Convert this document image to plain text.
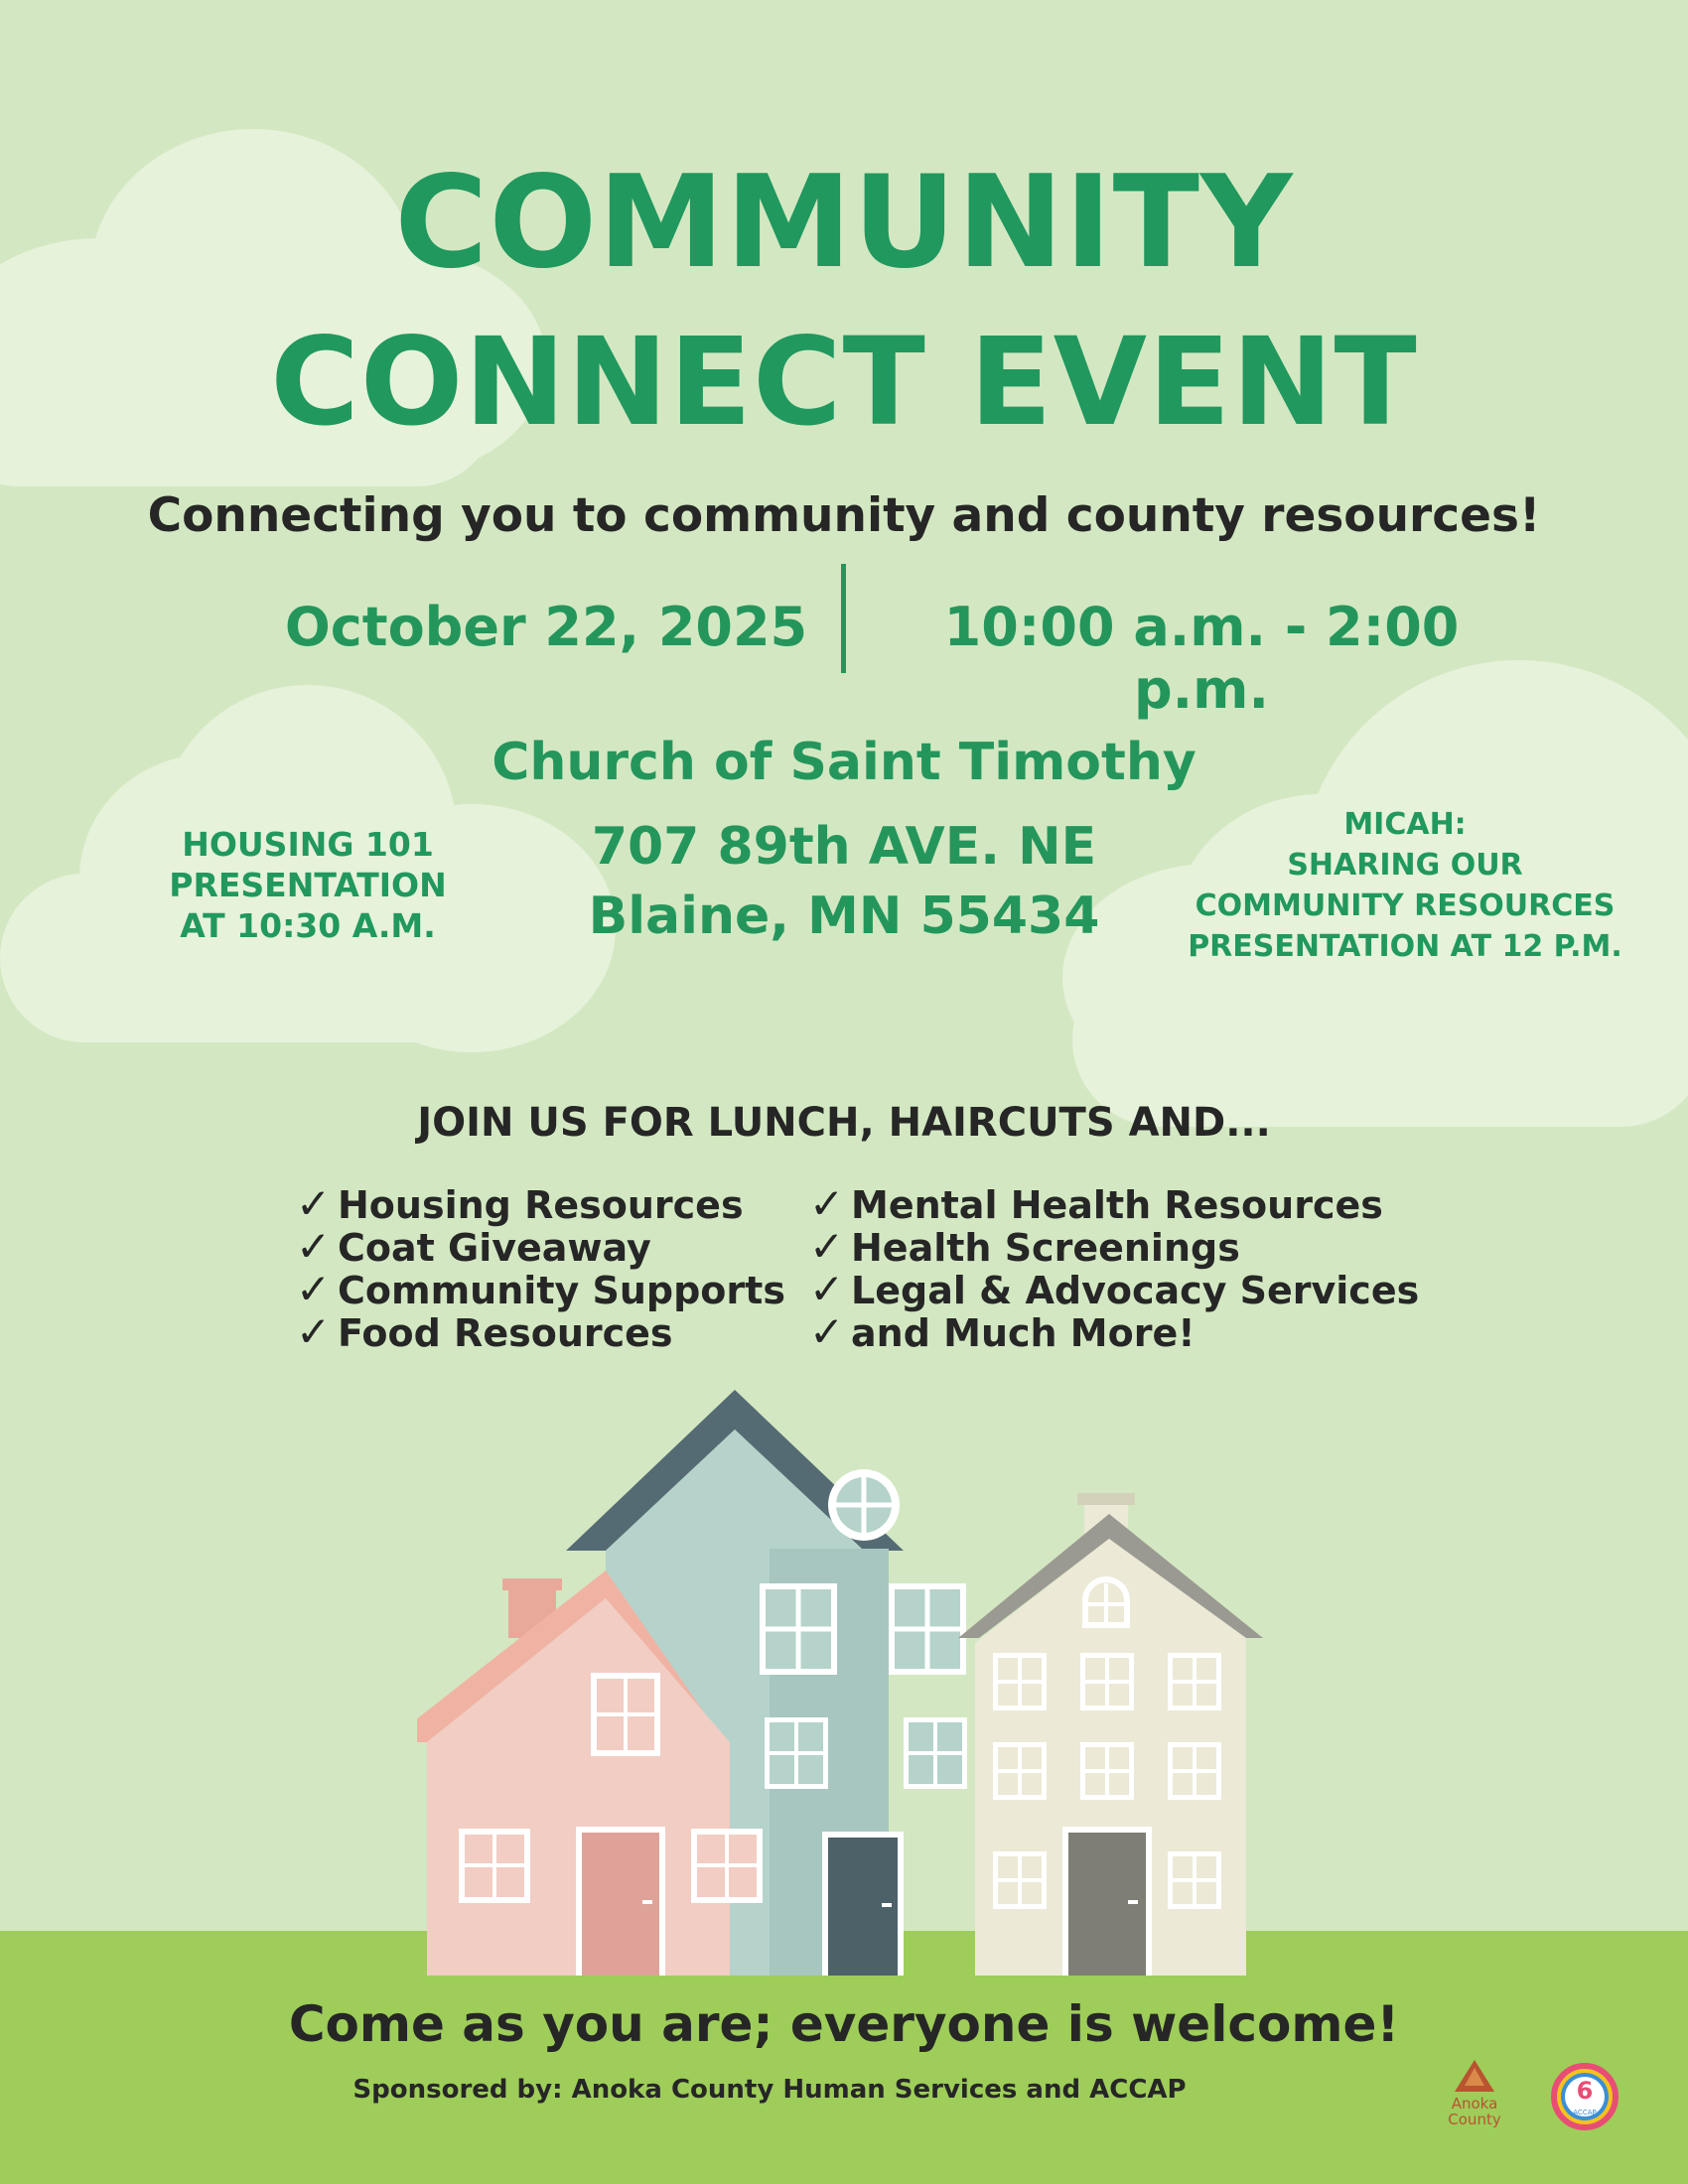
COMMUNITY
CONNECT EVENT
Connecting you to community and county resources!
October 22, 2025	10:00 a.m. - 2:00 p.m.
Church of Saint Timothy
707 89th AVE. NE
Blaine, MN 55434
HOUSING 101
PRESENTATION
AT 10:30 A.M.
MICAH:
SHARING OUR
COMMUNITY RESOURCES
PRESENTATION AT 12 P.M.
JOIN US FOR LUNCH, HAIRCUTS AND...
✓ Housing Resources
✓ Coat Giveaway
✓ Community Supports
✓ Food Resources
✓ Mental Health Resources
✓ Health Screenings
✓ Legal & Advocacy Services
✓ and Much More!
Come as you are; everyone is welcome!
Sponsored by: Anoka County Human Services and ACCAP	Anoka
County
6
ACCAP
